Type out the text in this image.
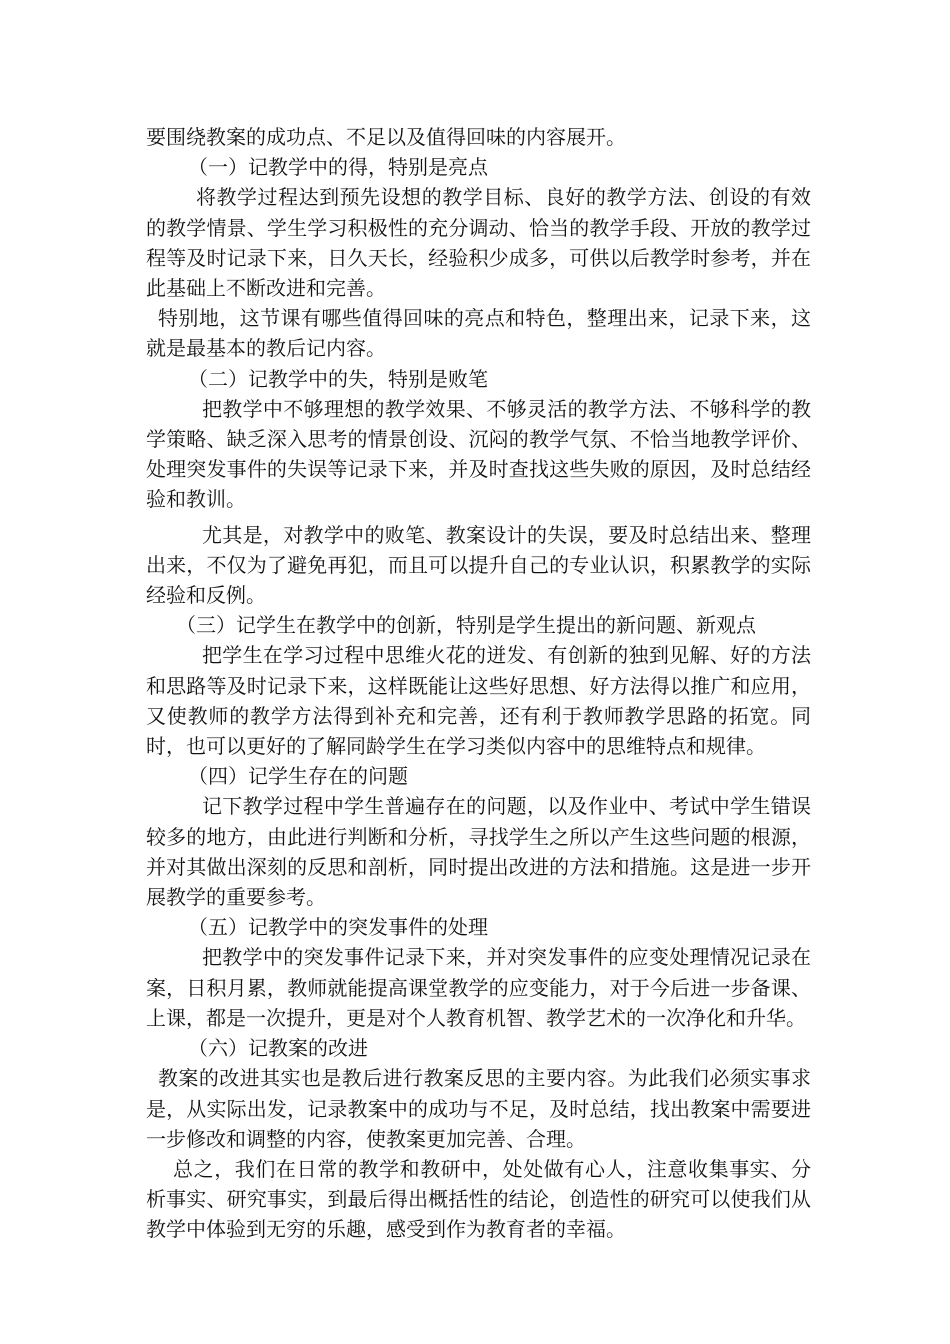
要围绕教案的成功点、不足以及值得回味的内容展开。

（一）记教学中的得，特别是亮点

将教学过程达到预先设想的教学目标、良好的教学方法、创设的有效的教学情景、学生学习积极性的充分调动、恰当的教学手段、开放的教学过程等及时记录下来，日久天长，经验积少成多，可供以后教学时参考，并在此基础上不断改进和完善。

特别地，这节课有哪些值得回味的亮点和特色，整理出来，记录下来，这就是最基本的教后记内容。

（二）记教学中的失，特别是败笔

把教学中不够理想的教学效果、不够灵活的教学方法、不够科学的教学策略、缺乏深入思考的情景创设、沉闷的教学气氛、不恰当地教学评价、处理突发事件的失误等记录下来，并及时查找这些失败的原因，及时总结经验和教训。

尤其是，对教学中的败笔、教案设计的失误，要及时总结出来、整理出来，不仅为了避免再犯，而且可以提升自己的专业认识，积累教学的实际经验和反例。

（三）记学生在教学中的创新，特别是学生提出的新问题、新观点

把学生在学习过程中思维火花的迸发、有创新的独到见解、好的方法和思路等及时记录下来，这样既能让这些好思想、好方法得以推广和应用，又使教师的教学方法得到补充和完善，还有利于教师教学思路的拓宽。同时，也可以更好的了解同龄学生在学习类似内容中的思维特点和规律。

（四）记学生存在的问题

记下教学过程中学生普遍存在的问题，以及作业中、考试中学生错误较多的地方，由此进行判断和分析，寻找学生之所以产生这些问题的根源，并对其做出深刻的反思和剖析，同时提出改进的方法和措施。这是进一步开展教学的重要参考。

（五）记教学中的突发事件的处理

把教学中的突发事件记录下来，并对突发事件的应变处理情况记录在案，日积月累，教师就能提高课堂教学的应变能力，对于今后进一步备课、上课，都是一次提升，更是对个人教育机智、教学艺术的一次净化和升华。

（六）记教案的改进

教案的改进其实也是教后进行教案反思的主要内容。为此我们必须实事求是，从实际出发，记录教案中的成功与不足，及时总结，找出教案中需要进一步修改和调整的内容，使教案更加完善、合理。

总之，我们在日常的教学和教研中，处处做有心人，注意收集事实、分析事实、研究事实，到最后得出概括性的结论，创造性的研究可以使我们从教学中体验到无穷的乐趣，感受到作为教育者的幸福。
